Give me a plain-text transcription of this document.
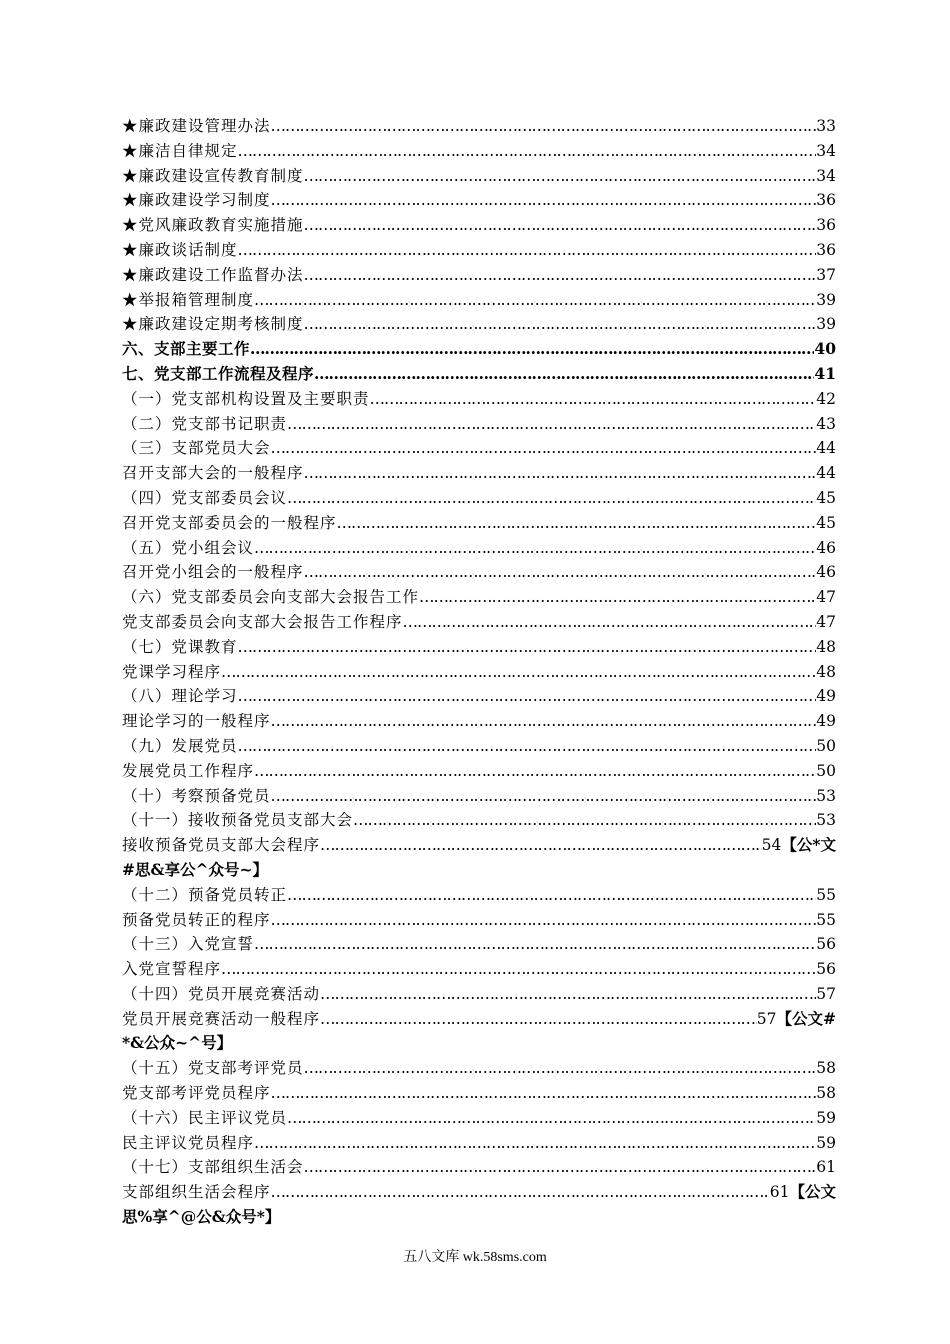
★廉政建设管理办法 ………………………………………………………………………………………………………………………………………………………………………………	33
★廉洁自律规定 ………………………………………………………………………………………………………………………………………………………………………………	34
★廉政建设宣传教育制度 ………………………………………………………………………………………………………………………………………………………………………………	34
★廉政建设学习制度 ………………………………………………………………………………………………………………………………………………………………………………	36
★党风廉政教育实施措施 ………………………………………………………………………………………………………………………………………………………………………………	36
★廉政谈话制度 ………………………………………………………………………………………………………………………………………………………………………………	36
★廉政建设工作监督办法 ………………………………………………………………………………………………………………………………………………………………………………	37
★举报箱管理制度 ………………………………………………………………………………………………………………………………………………………………………………	39
★廉政建设定期考核制度 ………………………………………………………………………………………………………………………………………………………………………………	39
六、支部主要工作 ………………………………………………………………………………………………………………………………………………………………………………	40
七、党支部工作流程及程序 ………………………………………………………………………………………………………………………………………………………………………………	41
（一）党支部机构设置及主要职责 ………………………………………………………………………………………………………………………………………………………………………………	42
（二）党支部书记职责 ………………………………………………………………………………………………………………………………………………………………………………	43
（三）支部党员大会 ………………………………………………………………………………………………………………………………………………………………………………	44
召开支部大会的一般程序 ………………………………………………………………………………………………………………………………………………………………………………	44
（四）党支部委员会议 ………………………………………………………………………………………………………………………………………………………………………………	45
召开党支部委员会的一般程序 ………………………………………………………………………………………………………………………………………………………………………………	45
（五）党小组会议 ………………………………………………………………………………………………………………………………………………………………………………	46
召开党小组会的一般程序 ………………………………………………………………………………………………………………………………………………………………………………	46
（六）党支部委员会向支部大会报告工作 ………………………………………………………………………………………………………………………………………………………………………………	47
党支部委员会向支部大会报告工作程序 ………………………………………………………………………………………………………………………………………………………………………………	47
（七）党课教育 ………………………………………………………………………………………………………………………………………………………………………………	48
党课学习程序 ………………………………………………………………………………………………………………………………………………………………………………	48
（八）理论学习 ………………………………………………………………………………………………………………………………………………………………………………	49
理论学习的一般程序 ………………………………………………………………………………………………………………………………………………………………………………	49
（九）发展党员 ………………………………………………………………………………………………………………………………………………………………………………	50
发展党员工作程序 ………………………………………………………………………………………………………………………………………………………………………………	50
（十）考察预备党员 ………………………………………………………………………………………………………………………………………………………………………………	53
（十一）接收预备党员支部大会 ………………………………………………………………………………………………………………………………………………………………………………	53
接收预备党员支部大会程序 ………………………………………………………………………………………………………………………………………………………………………………	54 【公*文
#思&享公^众号~】
（十二）预备党员转正 ………………………………………………………………………………………………………………………………………………………………………………	55
预备党员转正的程序 ………………………………………………………………………………………………………………………………………………………………………………	55
（十三）入党宣誓 ………………………………………………………………………………………………………………………………………………………………………………	56
入党宣誓程序 ………………………………………………………………………………………………………………………………………………………………………………	56
（十四）党员开展竞赛活动 ………………………………………………………………………………………………………………………………………………………………………………	57
党员开展竞赛活动一般程序 ………………………………………………………………………………………………………………………………………………………………………………	57 【公文#
*&公众~^号】
（十五）党支部考评党员 ………………………………………………………………………………………………………………………………………………………………………………	58
党支部考评党员程序 ………………………………………………………………………………………………………………………………………………………………………………	58
（十六）民主评议党员 ………………………………………………………………………………………………………………………………………………………………………………	59
民主评议党员程序 ………………………………………………………………………………………………………………………………………………………………………………	59
（十七）支部组织生活会 ………………………………………………………………………………………………………………………………………………………………………………	61
支部组织生活会程序 ………………………………………………………………………………………………………………………………………………………………………………	61 【公文
思%享^@公&众号*】
五八文库 wk.58sms.com
